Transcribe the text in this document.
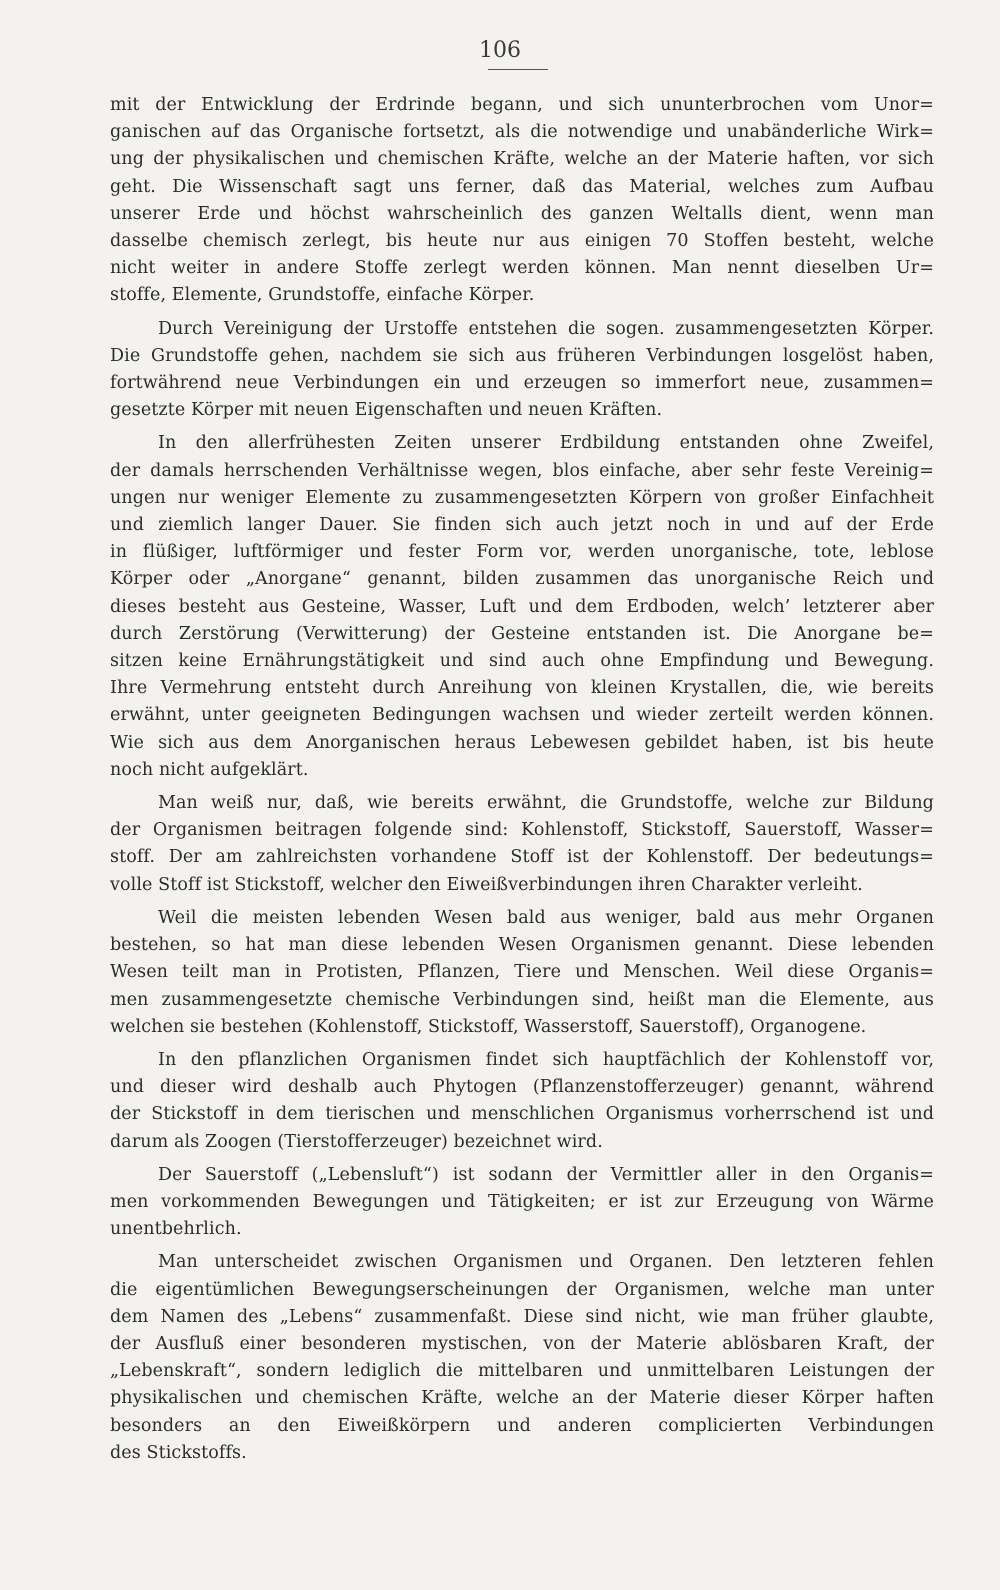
106
mit der Entwicklung der Erdrinde begann, und sich ununterbrochen vom Unor=
ganischen auf das Organische fortsetzt, als die notwendige und unabänderliche Wirk=
ung der physikalischen und chemischen Kräfte, welche an der Materie haften, vor sich
geht. Die Wissenschaft sagt uns ferner, daß das Material, welches zum Aufbau
unserer Erde und höchst wahrscheinlich des ganzen Weltalls dient, wenn man
dasselbe chemisch zerlegt, bis heute nur aus einigen 70 Stoffen besteht, welche
nicht weiter in andere Stoffe zerlegt werden können. Man nennt dieselben Ur=
stoffe, Elemente, Grundstoffe, einfache Körper.
Durch Vereinigung der Urstoffe entstehen die sogen. zusammengesetzten Körper.
Die Grundstoffe gehen, nachdem sie sich aus früheren Verbindungen losgelöst haben,
fortwährend neue Verbindungen ein und erzeugen so immerfort neue, zusammen=
gesetzte Körper mit neuen Eigenschaften und neuen Kräften.
In den allerfrühesten Zeiten unserer Erdbildung entstanden ohne Zweifel,
der damals herrschenden Verhältnisse wegen, blos einfache, aber sehr feste Vereinig=
ungen nur weniger Elemente zu zusammengesetzten Körpern von großer Einfachheit
und ziemlich langer Dauer. Sie finden sich auch jetzt noch in und auf der Erde
in flüßiger, luftförmiger und fester Form vor, werden unorganische, tote, leblose
Körper oder „Anorgane“ genannt, bilden zusammen das unorganische Reich und
dieses besteht aus Gesteine, Wasser, Luft und dem Erdboden, welch’ letzterer aber
durch Zerstörung (Verwitterung) der Gesteine entstanden ist. Die Anorgane be=
sitzen keine Ernährungstätigkeit und sind auch ohne Empfindung und Bewegung.
Ihre Vermehrung entsteht durch Anreihung von kleinen Krystallen, die, wie bereits
erwähnt, unter geeigneten Bedingungen wachsen und wieder zerteilt werden können.
Wie sich aus dem Anorganischen heraus Lebewesen gebildet haben, ist bis heute
noch nicht aufgeklärt.
Man weiß nur, daß, wie bereits erwähnt, die Grundstoffe, welche zur Bildung
der Organismen beitragen folgende sind: Kohlenstoff, Stickstoff, Sauerstoff, Wasser=
stoff. Der am zahlreichsten vorhandene Stoff ist der Kohlenstoff. Der bedeutungs=
volle Stoff ist Stickstoff, welcher den Eiweißverbindungen ihren Charakter verleiht.
Weil die meisten lebenden Wesen bald aus weniger, bald aus mehr Organen
bestehen, so hat man diese lebenden Wesen Organismen genannt. Diese lebenden
Wesen teilt man in Protisten, Pflanzen, Tiere und Menschen. Weil diese Organis=
men zusammengesetzte chemische Verbindungen sind, heißt man die Elemente, aus
welchen sie bestehen (Kohlenstoff, Stickstoff, Wasserstoff, Sauerstoff), Organogene.
In den pflanzlichen Organismen findet sich hauptfächlich der Kohlenstoff vor,
und dieser wird deshalb auch Phytogen (Pflanzenstofferzeuger) genannt, während
der Stickstoff in dem tierischen und menschlichen Organismus vorherrschend ist und
darum als Zoogen (Tierstofferzeuger) bezeichnet wird.
Der Sauerstoff („Lebensluft“) ist sodann der Vermittler aller in den Organis=
men vorkommenden Bewegungen und Tätigkeiten; er ist zur Erzeugung von Wärme
unentbehrlich.
Man unterscheidet zwischen Organismen und Organen. Den letzteren fehlen
die eigentümlichen Bewegungserscheinungen der Organismen, welche man unter
dem Namen des „Lebens“ zusammenfaßt. Diese sind nicht, wie man früher glaubte,
der Ausfluß einer besonderen mystischen, von der Materie ablösbaren Kraft, der
„Lebenskraft“, sondern lediglich die mittelbaren und unmittelbaren Leistungen der
physikalischen und chemischen Kräfte, welche an der Materie dieser Körper haften
besonders an den Eiweißkörpern und anderen complicierten Verbindungen
des Stickstoffs.
